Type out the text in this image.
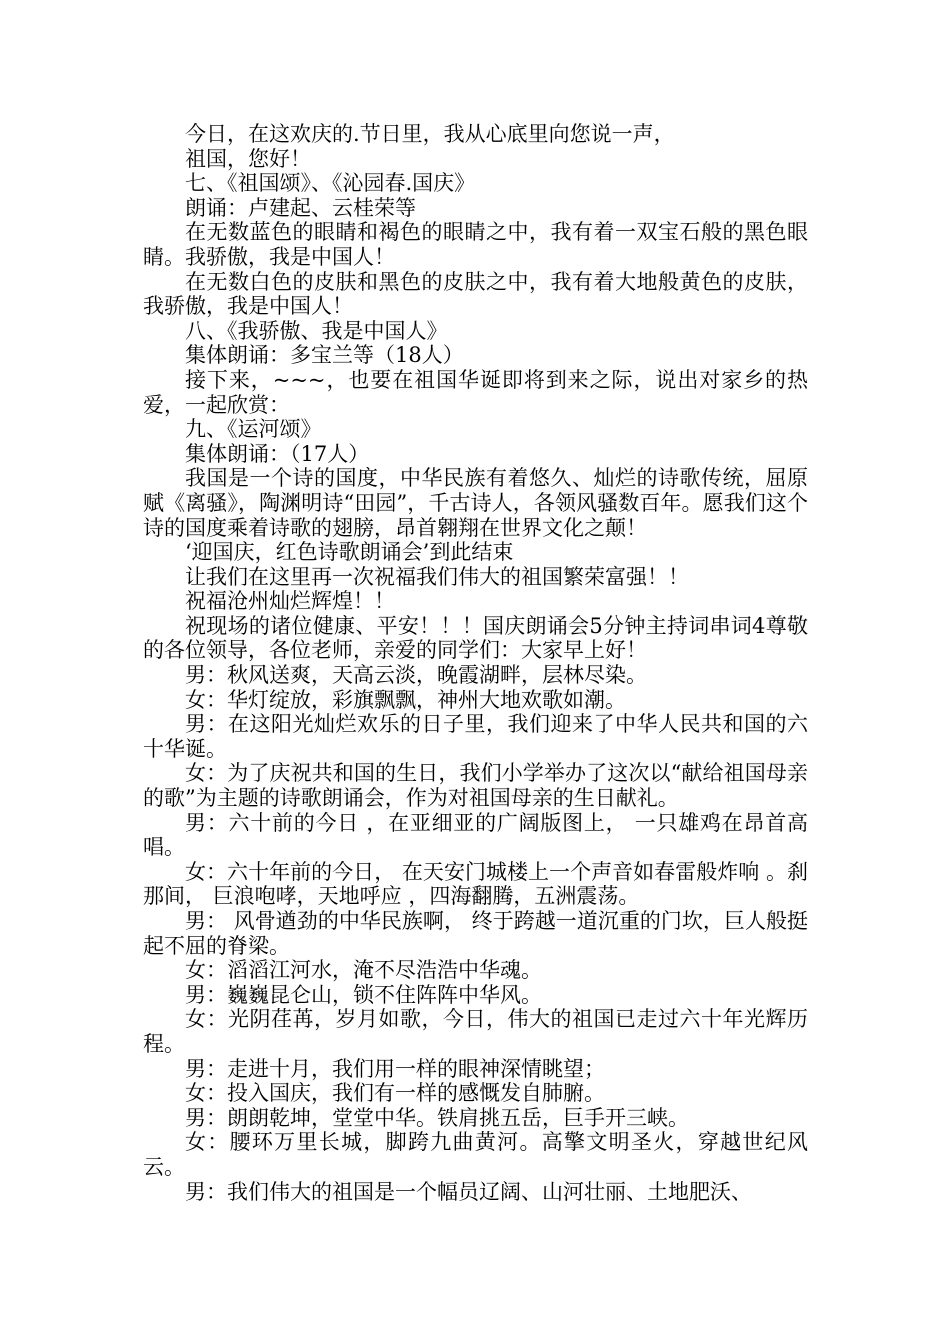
今日，在这欢庆的.节日里，我从心底里向您说一声，

祖国，您好！

七、《祖国颂》、《沁园春.国庆》

朗诵：卢建起、云桂荣等

在无数蓝色的眼睛和褐色的眼睛之中，我有着一双宝石般的黑色眼睛。我骄傲，我是中国人！

在无数白色的皮肤和黑色的皮肤之中，我有着大地般黄色的皮肤，我骄傲，我是中国人！

八、《我骄傲、我是中国人》

集体朗诵：多宝兰等（18人）

接下来，~~~，也要在祖国华诞即将到来之际，说出对家乡的热爱，一起欣赏：

九、《运河颂》

集体朗诵：（17人）

我国是一个诗的国度，中华民族有着悠久、灿烂的诗歌传统，屈原赋《离骚》，陶渊明诗“田园”，千古诗人，各领风骚数百年。愿我们这个诗的国度乘着诗歌的翅膀，昂首翱翔在世界文化之颠！

‘迎国庆，红色诗歌朗诵会’到此结束

让我们在这里再一次祝福我们伟大的祖国繁荣富强！！

祝福沧州灿烂辉煌！！

祝现场的诸位健康、平安！！！国庆朗诵会5分钟主持词串词4尊敬的各位领导，各位老师，亲爱的同学们：大家早上好！

男：秋风送爽，天高云淡，晚霞湖畔，层林尽染。

女：华灯绽放，彩旗飘飘，神州大地欢歌如潮。

男：在这阳光灿烂欢乐的日子里，我们迎来了中华人民共和国的六十华诞。

女：为了庆祝共和国的生日，我们小学举办了这次以“献给祖国母亲的歌”为主题的诗歌朗诵会，作为对祖国母亲的生日献礼。

男：六十前的今日 ，在亚细亚的广阔版图上， 一只雄鸡在昂首高唱。

女：六十年前的今日， 在天安门城楼上一个声音如春雷般炸响 。刹那间， 巨浪咆哮，天地呼应 ，四海翻腾，五洲震荡。

男： 风骨遒劲的中华民族啊， 终于跨越一道沉重的门坎，巨人般挺起不屈的脊梁。

女：滔滔江河水，淹不尽浩浩中华魂。

男：巍巍昆仑山，锁不住阵阵中华风。

女：光阴荏苒，岁月如歌，今日，伟大的祖国已走过六十年光辉历程。

男：走进十月，我们用一样的眼神深情眺望；

女：投入国庆，我们有一样的感慨发自肺腑。

男：朗朗乾坤，堂堂中华。铁肩挑五岳，巨手开三峡。

女：腰环万里长城，脚跨九曲黄河。高擎文明圣火，穿越世纪风云。

男：我们伟大的祖国是一个幅员辽阔、山河壮丽、土地肥沃、
